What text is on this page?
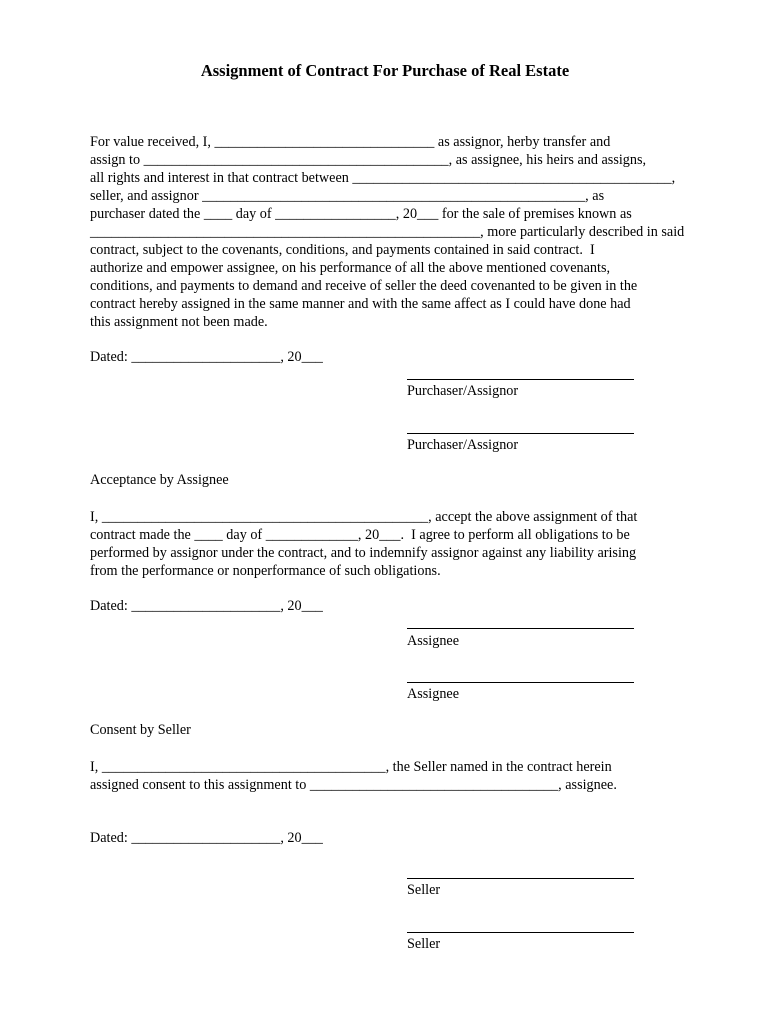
Assignment of Contract For Purchase of Real Estate
For value received, I, _______________________________ as assignor, herby transfer and
assign to ___________________________________________, as assignee, his heirs and assigns,
all rights and interest in that contract between _____________________________________________,
seller, and assignor ______________________________________________________, as
purchaser dated the ____ day of _________________, 20___ for the sale of premises known as
_______________________________________________________, more particularly described in said
contract, subject to the covenants, conditions, and payments contained in said contract.  I
authorize and empower assignee, on his performance of all the above mentioned covenants,
conditions, and payments to demand and receive of seller the deed covenanted to be given in the
contract hereby assigned in the same manner and with the same affect as I could have done had
this assignment not been made.
Dated: _____________________, 20___
Purchaser/Assignor
Purchaser/Assignor
Acceptance by Assignee
I, ______________________________________________, accept the above assignment of that
contract made the ____ day of _____________, 20___.  I agree to perform all obligations to be
performed by assignor under the contract, and to indemnify assignor against any liability arising
from the performance or nonperformance of such obligations.
Dated: _____________________, 20___
Assignee
Assignee
Consent by Seller
I, ________________________________________, the Seller named in the contract herein
assigned consent to this assignment to ___________________________________, assignee.
Dated: _____________________, 20___
Seller
Seller
